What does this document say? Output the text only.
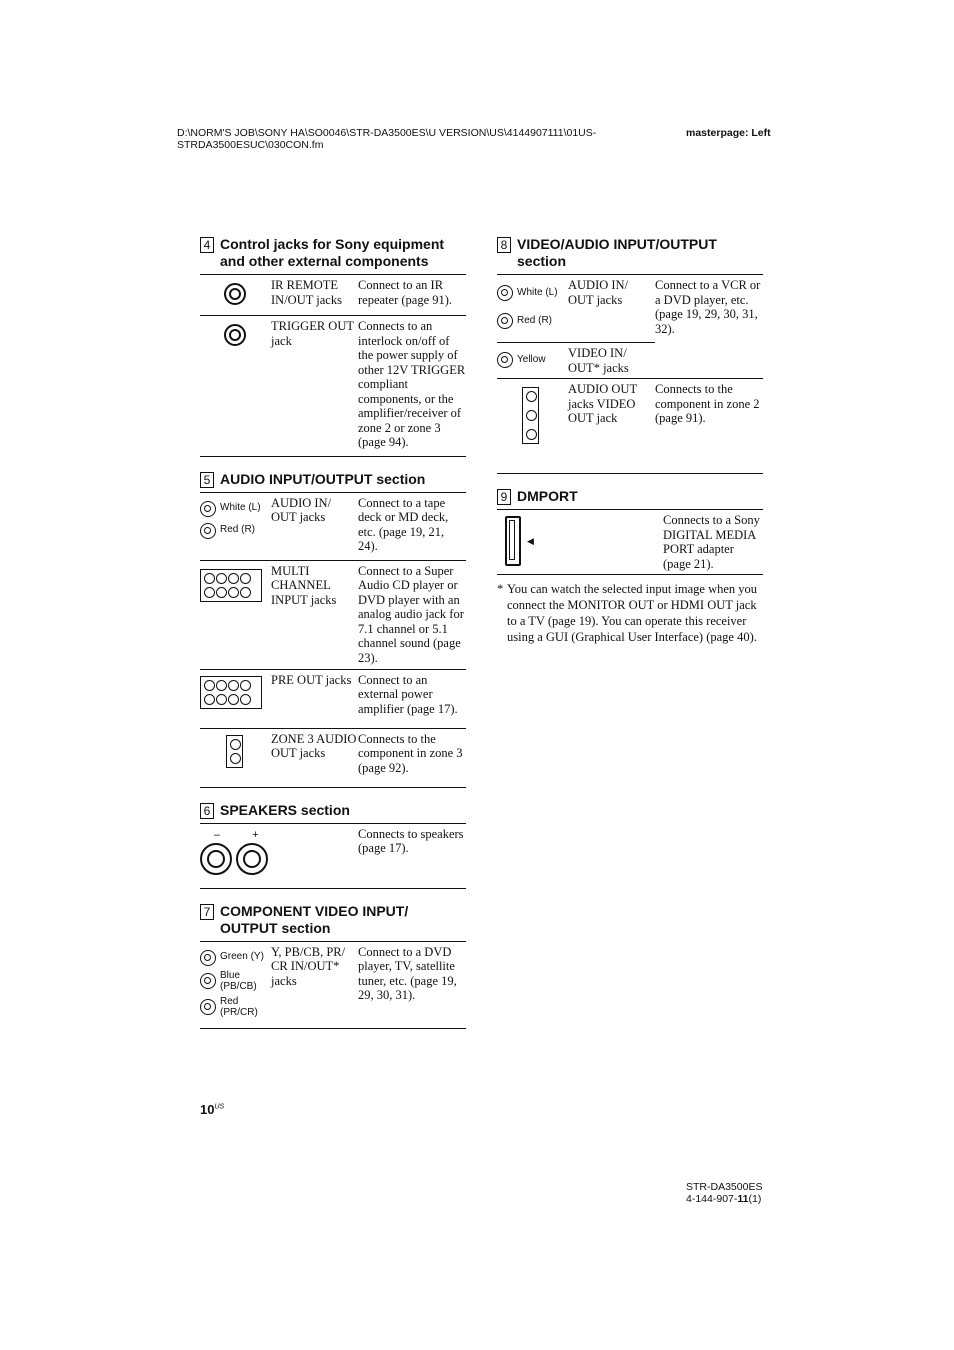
D:\NORM'S JOB\SONY HA\SO0046\STR-DA3500ES\U VERSION\US\4144907111\01US-STRDA3500ESUC\030CON.fm
masterpage: Left
4 Control jacks for Sony equipment and other external components
IR REMOTE IN/OUT jacks
Connect to an IR repeater (page 91).
TRIGGER OUT jack
Connects to an interlock on/off of the power supply of other 12V TRIGGER compliant components, or the amplifier/receiver of zone 2 or zone 3 (page 94).
5 AUDIO INPUT/OUTPUT section
White (L)
Red (R)
AUDIO IN/ OUT jacks
Connect to a tape deck or MD deck, etc. (page 19, 21, 24).
MULTI CHANNEL INPUT jacks
Connect to a Super Audio CD player or DVD player with an analog audio jack for 7.1 channel or 5.1 channel sound (page 23).
PRE OUT jacks Connect to an external power amplifier (page 17).
ZONE 3 AUDIO OUT jacks
Connects to the component in zone 3 (page 92).
6 SPEAKERS section
–	+	Connects to speakers (page 17).
7 COMPONENT VIDEO INPUT/ OUTPUT section
Green (Y)
Blue (PB/CB)
Red (PR/CR)
Y, PB/CB, PR/ CR IN/OUT* jacks
Connect to a DVD player, TV, satellite tuner, etc. (page 19, 29, 30, 31).
8 VIDEO/AUDIO INPUT/OUTPUT section
White (L)
Red (R)
AUDIO IN/ OUT jacks
Connect to a VCR or a DVD player, etc. (page 19, 29, 30, 31, 32).
Yellow VIDEO IN/ OUT* jacks
AUDIO OUT jacks VIDEO OUT jack
Connects to the component in zone 2 (page 91).
9 DMPORT
◀
Connects to a Sony DIGITAL MEDIA PORT adapter (page 21).
* You can watch the selected input image when you connect the MONITOR OUT or HDMI OUT jack to a TV (page 19). You can operate this receiver using a GUI (Graphical User Interface) (page 40).
$10^{US}$
STR-DA3500ES
4-144-907-11(1)
